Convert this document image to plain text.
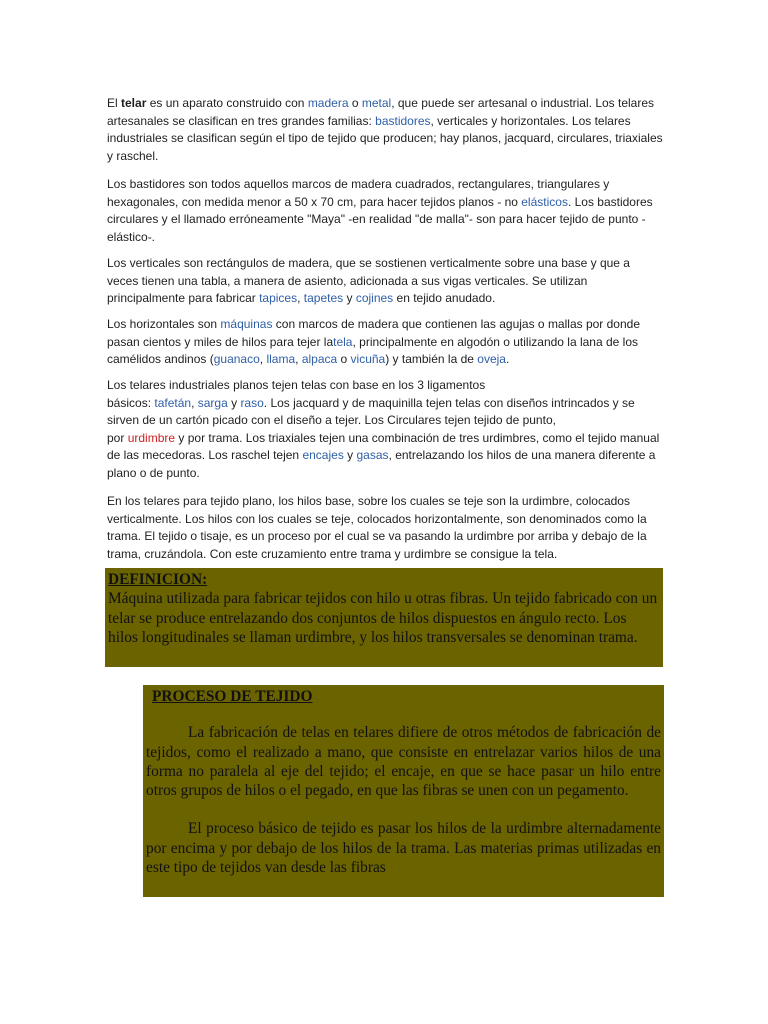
El telar es un aparato construido con madera o metal, que puede ser artesanal o industrial. Los telares artesanales se clasifican en tres grandes familias: bastidores, verticales y horizontales. Los telares industriales se clasifican según el tipo de tejido que producen; hay planos, jacquard, circulares, triaxiales y raschel.

Los bastidores son todos aquellos marcos de madera cuadrados, rectangulares, triangulares y hexagonales, con medida menor a 50 x 70 cm, para hacer tejidos planos - no elásticos. Los bastidores circulares y el llamado erróneamente "Maya" -en realidad "de malla"- son para hacer tejido de punto -elástico-.

Los verticales son rectángulos de madera, que se sostienen verticalmente sobre una base y que a veces tienen una tabla, a manera de asiento, adicionada a sus vigas verticales. Se utilizan principalmente para fabricar tapices, tapetes y cojines en tejido anudado.

Los horizontales son máquinas con marcos de madera que contienen las agujas o mallas por donde pasan cientos y miles de hilos para tejer latela, principalmente en algodón o utilizando la lana de los camélidos andinos (guanaco, llama, alpaca o vicuña) y también la de oveja.

Los telares industriales planos tejen telas con base en los 3 ligamentos
básicos: tafetán, sarga y raso. Los jacquard y de maquinilla tejen telas con diseños intrincados y se sirven de un cartón picado con el diseño a tejer. Los Circulares tejen tejido de punto,
por urdimbre y por trama. Los triaxiales tejen una combinación de tres urdimbres, como el tejido manual de las mecedoras. Los raschel tejen encajes y gasas, entrelazando los hilos de una manera diferente a plano o de punto.

En los telares para tejido plano, los hilos base, sobre los cuales se teje son la urdimbre, colocados verticalmente. Los hilos con los cuales se teje, colocados horizontalmente, son denominados como la trama. El tejido o tisaje, es un proceso por el cual se va pasando la urdimbre por arriba y debajo de la trama, cruzándola. Con este cruzamiento entre trama y urdimbre se consigue la tela.

DEFINICION:
Máquina utilizada para fabricar tejidos con hilo u otras fibras. Un tejido fabricado con un telar se produce entrelazando dos conjuntos de hilos dispuestos en ángulo recto. Los hilos longitudinales se llaman urdimbre, y los hilos transversales se denominan trama.
PROCESO DE TEJIDO

La fabricación de telas en telares difiere de otros métodos de fabricación de tejidos, como el realizado a mano, que consiste en entrelazar varios hilos de una forma no paralela al eje del tejido; el encaje, en que se hace pasar un hilo entre otros grupos de hilos o el pegado, en que las fibras se unen con un pegamento.

El proceso básico de tejido es pasar los hilos de la urdimbre alternadamente por encima y por debajo de los hilos de la trama. Las materias primas utilizadas en este tipo de tejidos van desde las fibras
